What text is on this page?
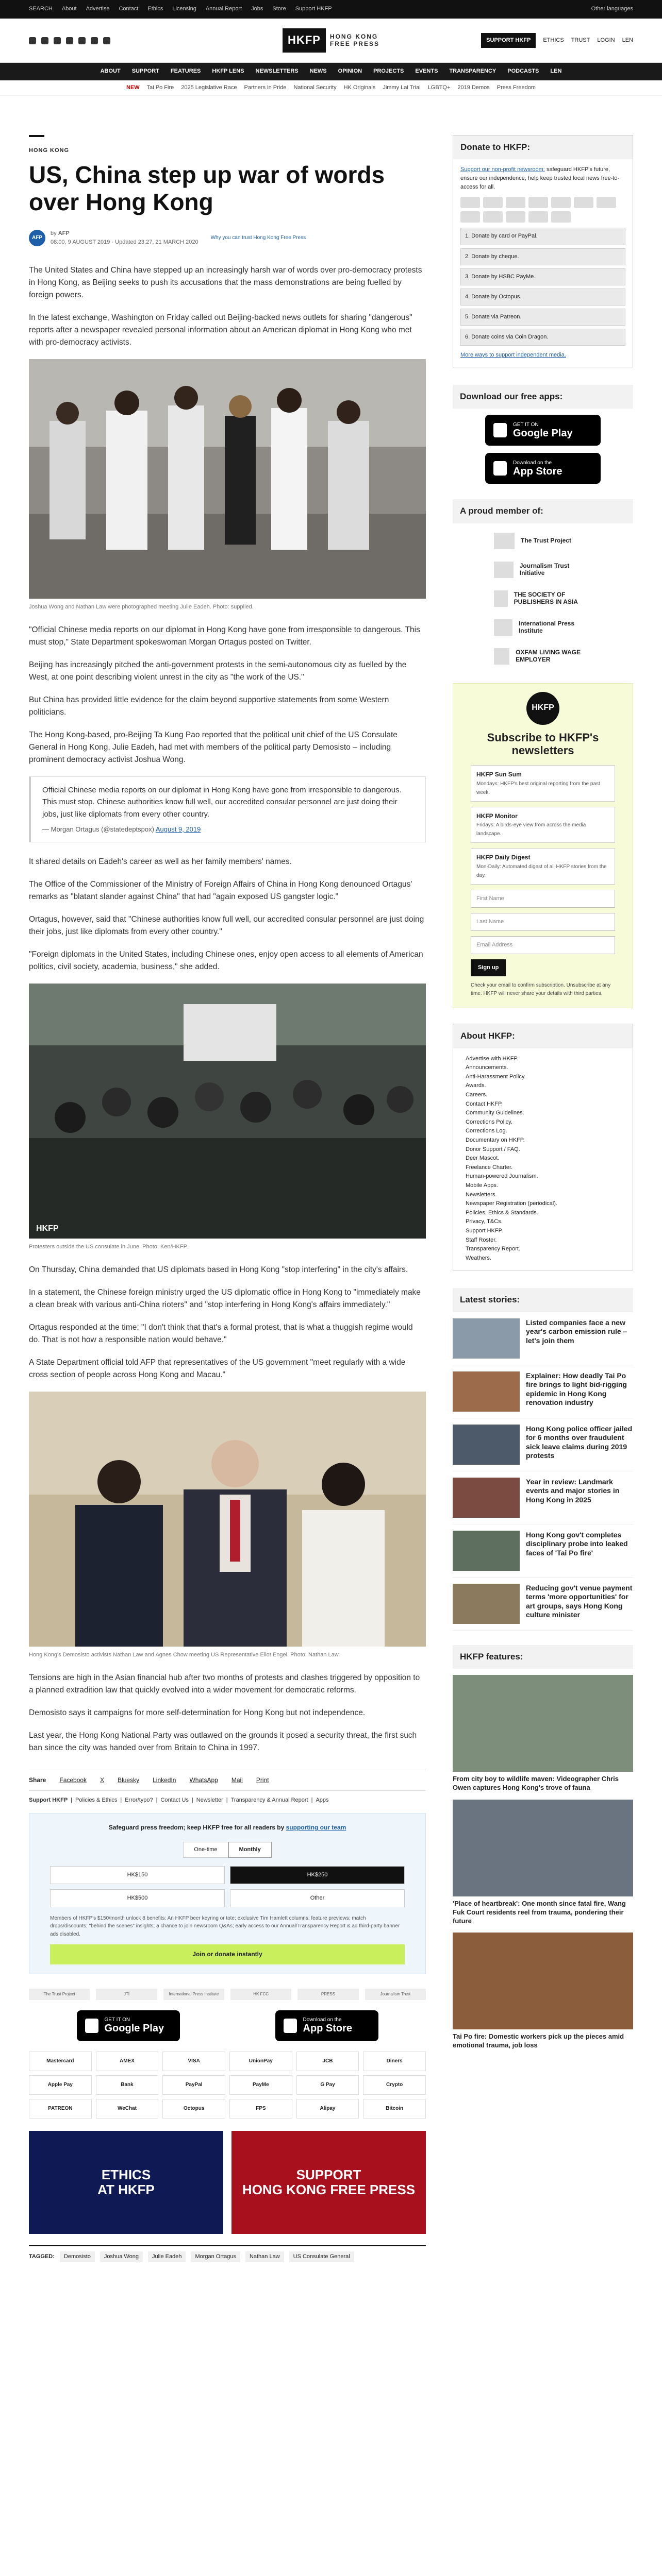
SEARCH About Advertise Contact Ethics Licensing Annual Report Jobs Store Support HKFP	Other languages
HKFP	HONG KONG
FREE PRESS	SUPPORT HKFP	ETHICS TRUST LOGIN LEN
ABOUT SUPPORT FEATURES HKFP LENS NEWSLETTERS NEWS OPINION PROJECTS EVENTS TRANSPARENCY PODCASTS LEN
NEW Tai Po Fire 2025 Legislative Race Partners in Pride National Security HK Originals Jimmy Lai Trial LGBTQ+ 2019 Demos Press Freedom
HONG KONG
US, China step up war of words over Hong Kong
AFP
by AFP
08:00, 9 AUGUST 2019 · Updated 23:27, 21 MARCH 2020
Why you can trust Hong Kong Free Press

The United States and China have stepped up an increasingly harsh war of words over pro-democracy protests in Hong Kong, as Beijing seeks to push its accusations that the mass demonstrations are being fuelled by foreign powers.

In the latest exchange, Washington on Friday called out Beijing-backed news outlets for sharing "dangerous" reports after a newspaper revealed personal information about an American diplomat in Hong Kong who met with pro-democracy activists.

Joshua Wong and Nathan Law were photographed meeting Julie Eadeh. Photo: supplied.

"Official Chinese media reports on our diplomat in Hong Kong have gone from irresponsible to dangerous. This must stop," State Department spokeswoman Morgan Ortagus posted on Twitter.

Beijing has increasingly pitched the anti-government protests in the semi-autonomous city as fuelled by the West, at one point describing violent unrest in the city as "the work of the US."

But China has provided little evidence for the claim beyond supportive statements from some Western politicians.

The Hong Kong-based, pro-Beijing Ta Kung Pao reported that the political unit chief of the US Consulate General in Hong Kong, Julie Eadeh, had met with members of the political party Demosisto – including prominent democracy activist Joshua Wong.

Official Chinese media reports on our diplomat in Hong Kong have gone from irresponsible to dangerous. This must stop. Chinese authorities know full well, our accredited consular personnel are just doing their jobs, just like diplomats from every other country.
— Morgan Ortagus (@statedeptspox) August 9, 2019

It shared details on Eadeh's career as well as her family members' names.

The Office of the Commissioner of the Ministry of Foreign Affairs of China in Hong Kong denounced Ortagus' remarks as "blatant slander against China" that had "again exposed US gangster logic."

Ortagus, however, said that "Chinese authorities know full well, our accredited consular personnel are just doing their jobs, just like diplomats from every other country."

"Foreign diplomats in the United States, including Chinese ones, enjoy open access to all elements of American politics, civil society, academia, business," she added.

HKFP
Protesters outside the US consulate in June. Photo: Ken/HKFP.

On Thursday, China demanded that US diplomats based in Hong Kong "stop interfering" in the city's affairs.

In a statement, the Chinese foreign ministry urged the US diplomatic office in Hong Kong to "immediately make a clean break with various anti-China rioters" and "stop interfering in Hong Kong's affairs immediately."

Ortagus responded at the time: "I don't think that that's a formal protest, that is what a thuggish regime would do. That is not how a responsible nation would behave."

A State Department official told AFP that representatives of the US government "meet regularly with a wide cross section of people across Hong Kong and Macau."

Hong Kong's Demosisto activists Nathan Law and Agnes Chow meeting US Representative Eliot Engel. Photo: Nathan Law.

Tensions are high in the Asian financial hub after two months of protests and clashes triggered by opposition to a planned extradition law that quickly evolved into a wider movement for democratic reforms.

Demosisto says it campaigns for more self-determination for Hong Kong but not independence.

Last year, the Hong Kong National Party was outlawed on the grounds it posed a security threat, the first such ban since the city was handed over from Britain to China in 1997.

Share Facebook X Bluesky LinkedIn WhatsApp Mail Print
Support HKFP | Policies & Ethics | Error/typo? | Contact Us | Newsletter | Transparency & Annual Report | Apps
Safeguard press freedom; keep HKFP free for all readers by supporting our team
One-time	Monthly
HK$150	HK$250
HK$500	Other
Members of HKFP's $150/month unlock 8 benefits: An HKFP beer keyring or tote; exclusive Tim Hamlett columns; feature previews; match drops/discounts; "behind the scenes" insights; a chance to join newsroom Q&As; early access to our Annual/Transparency Report & ad third-party banner ads disabled.
Join or donate instantly
The Trust Project	JTI	International Press Institute	HK FCC	PRESS	Journalism Trust
GET IT ON
Google Play
Download on the
App Store
Mastercard	AMEX	VISA	UnionPay	JCB	Diners
Apple Pay	Bank	PayPal	PayMe	G Pay	Crypto
PATREON	WeChat	Octopus	FPS	Alipay	Bitcoin
ETHICS
AT HKFP
SUPPORT
HONG KONG FREE PRESS
TAGGED:	Demosisto	Joshua Wong	Julie Eadeh	Morgan Ortagus	Nathan Law	US Consulate General
Donate to HKFP:
Support our non-profit newsroom: safeguard HKFP's future, ensure our independence, help keep trusted local news free-to-access for all.
1. Donate by card or PayPal.
2. Donate by cheque.
3. Donate by HSBC PayMe.
4. Donate by Octopus.
5. Donate via Patreon.
6. Donate coins via Coin Dragon.
More ways to support independent media.
Download our free apps:
GET IT ON
Google Play
Download on the
App Store
A proud member of:
The Trust Project
Journalism Trust Initiative
THE SOCIETY OF PUBLISHERS IN ASIA
International Press Institute
OXFAM LIVING WAGE EMPLOYER
HKFP
Subscribe to HKFP's newsletters
HKFP Sun Sum
Mondays: HKFP's best original reporting from the past week.
HKFP Monitor
Fridays: A birds-eye view from across the media landscape.
HKFP Daily Digest
Mon-Daily: Automated digest of all HKFP stories from the day.
First Name
Last Name
Email Address
Sign up
Check your email to confirm subscription. Unsubscribe at any time. HKFP will never share your details with third parties.
About HKFP:
Advertise with HKFP.
Announcements.
Anti-Harassment Policy.
Awards.
Careers.
Contact HKFP.
Community Guidelines.
Corrections Policy.
Corrections Log.
Documentary on HKFP.
Donor Support / FAQ.
Deer Mascot.
Freelance Charter.
Human-powered Journalism.
Mobile Apps.
Newsletters.
Newspaper Registration (periodical).
Policies, Ethics & Standards.
Privacy, T&Cs.
Support HKFP.
Staff Roster.
Transparency Report.
Weathers.
Latest stories:
Listed companies face a new year's carbon emission rule – let's join them
Explainer: How deadly Tai Po fire brings to light bid-rigging epidemic in Hong Kong renovation industry
Hong Kong police officer jailed for 6 months over fraudulent sick leave claims during 2019 protests
Year in review: Landmark events and major stories in Hong Kong in 2025
Hong Kong gov't completes disciplinary probe into leaked faces of 'Tai Po fire'
Reducing gov't venue payment terms 'more opportunities' for art groups, says Hong Kong culture minister
HKFP features:
From city boy to wildlife maven: Videographer Chris Owen captures Hong Kong's trove of fauna
'Place of heartbreak': One month since fatal fire, Wang Fuk Court residents reel from trauma, pondering their future
Tai Po fire: Domestic workers pick up the pieces amid emotional trauma, job loss
